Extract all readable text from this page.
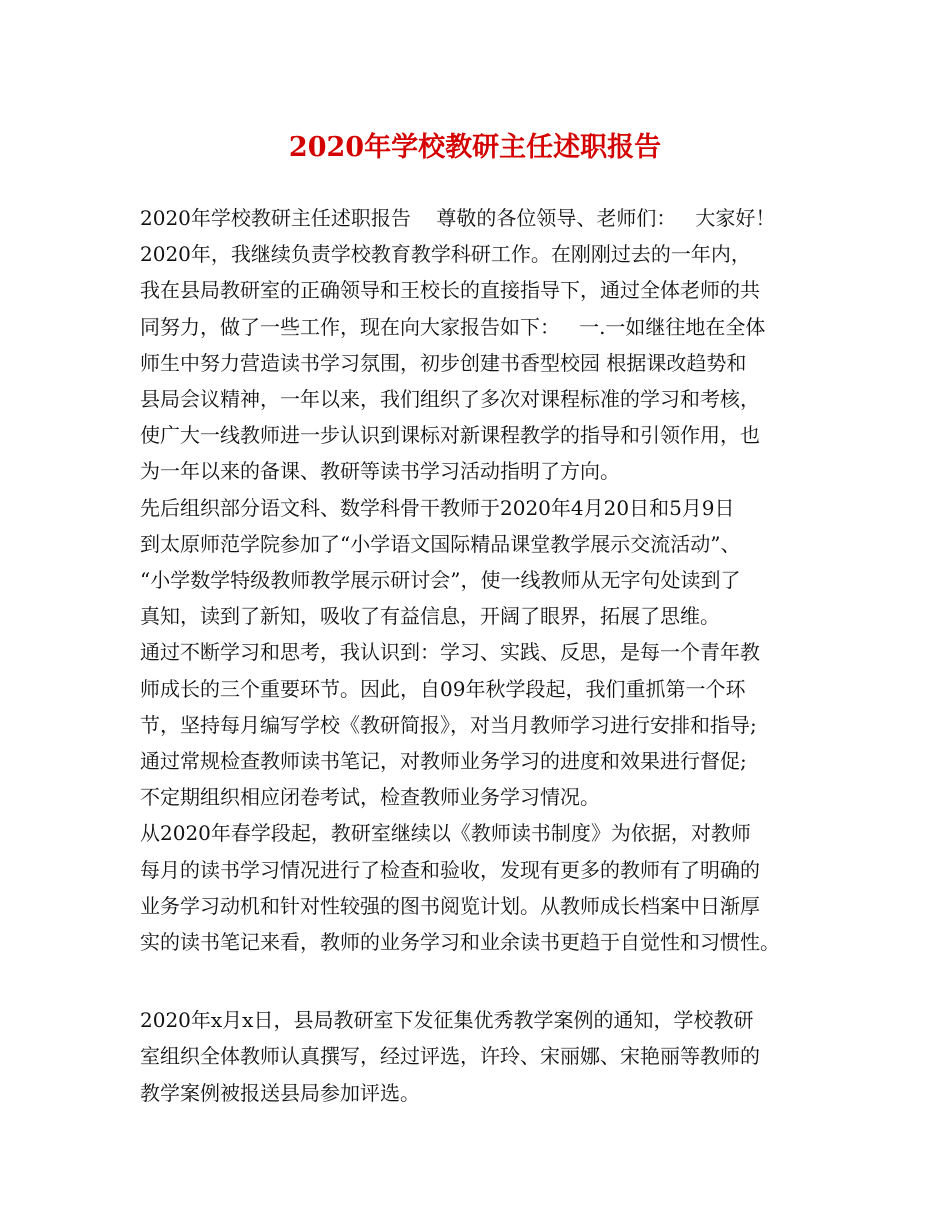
2020年学校教研主任述职报告
2020年学校教研主任述职报告    尊敬的各位领导、老师们：   大家好！
2020年，我继续负责学校教育教学科研工作。在刚刚过去的一年内，
我在县局教研室的正确领导和王校长的直接指导下，通过全体老师的共
同努力，做了一些工作，现在向大家报告如下：   一.一如继往地在全体
师生中努力营造读书学习氛围，初步创建书香型校园 根据课改趋势和
县局会议精神，一年以来，我们组织了多次对课程标准的学习和考核，
使广大一线教师进一步认识到课标对新课程教学的指导和引领作用，也
为一年以来的备课、教研等读书学习活动指明了方向。
先后组织部分语文科、数学科骨干教师于2020年4月20日和5月9日
到太原师范学院参加了“小学语文国际精品课堂教学展示交流活动”、
“小学数学特级教师教学展示研讨会”，使一线教师从无字句处读到了
真知，读到了新知，吸收了有益信息，开阔了眼界，拓展了思维。
通过不断学习和思考，我认识到：学习、实践、反思，是每一个青年教
师成长的三个重要环节。因此，自09年秋学段起，我们重抓第一个环
节，坚持每月编写学校《教研简报》，对当月教师学习进行安排和指导;
通过常规检查教师读书笔记，对教师业务学习的进度和效果进行督促;
不定期组织相应闭卷考试，检查教师业务学习情况。
从2020年春学段起，教研室继续以《教师读书制度》为依据，对教师
每月的读书学习情况进行了检查和验收，发现有更多的教师有了明确的
业务学习动机和针对性较强的图书阅览计划。从教师成长档案中日渐厚
实的读书笔记来看，教师的业务学习和业余读书更趋于自觉性和习惯性。
2020年x月x日，县局教研室下发征集优秀教学案例的通知，学校教研
室组织全体教师认真撰写，经过评选，许玲、宋丽娜、宋艳丽等教师的
教学案例被报送县局参加评选。
